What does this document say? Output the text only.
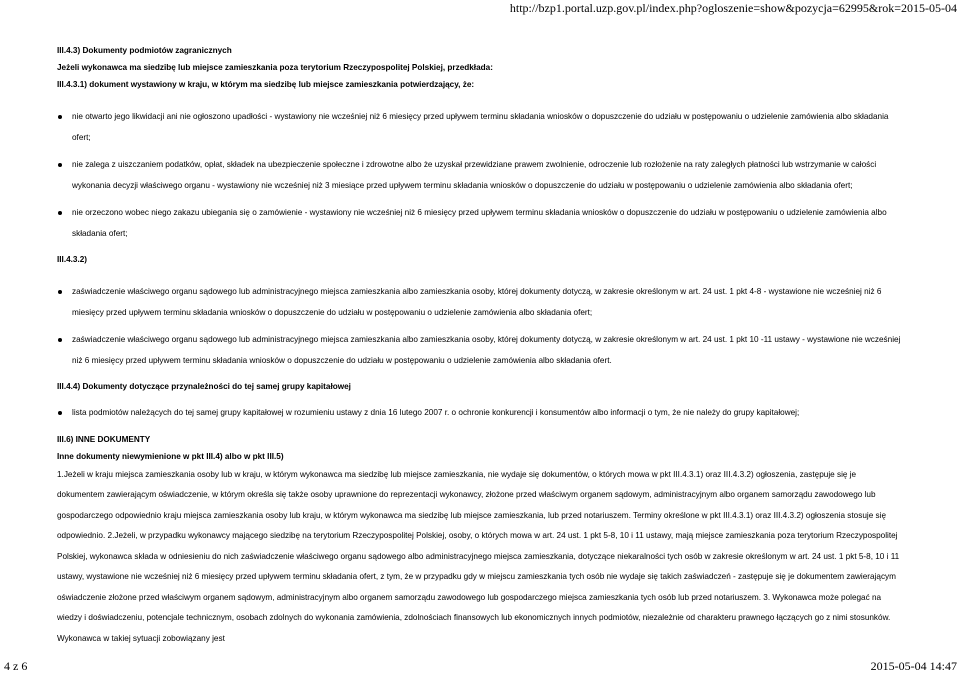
http://bzp1.portal.uzp.gov.pl/index.php?ogloszenie=show&pozycja=62995&rok=2015-05-04
III.4.3) Dokumenty podmiotów zagranicznych
Jeżeli wykonawca ma siedzibę lub miejsce zamieszkania poza terytorium Rzeczypospolitej Polskiej, przedkłada:
III.4.3.1) dokument wystawiony w kraju, w którym ma siedzibę lub miejsce zamieszkania potwierdzający, że:
nie otwarto jego likwidacji ani nie ogłoszono upadłości - wystawiony nie wcześniej niż 6 miesięcy przed upływem terminu składania wniosków o dopuszczenie do udziału w postępowaniu o udzielenie zamówienia albo składania ofert;
nie zalega z uiszczaniem podatków, opłat, składek na ubezpieczenie społeczne i zdrowotne albo że uzyskał przewidziane prawem zwolnienie, odroczenie lub rozłożenie na raty zaległych płatności lub wstrzymanie w całości wykonania decyzji właściwego organu - wystawiony nie wcześniej niż 3 miesiące przed upływem terminu składania wniosków o dopuszczenie do udziału w postępowaniu o udzielenie zamówienia albo składania ofert;
nie orzeczono wobec niego zakazu ubiegania się o zamówienie - wystawiony nie wcześniej niż 6 miesięcy przed upływem terminu składania wniosków o dopuszczenie do udziału w postępowaniu o udzielenie zamówienia albo składania ofert;
III.4.3.2)
zaświadczenie właściwego organu sądowego lub administracyjnego miejsca zamieszkania albo zamieszkania osoby, której dokumenty dotyczą, w zakresie określonym w art. 24 ust. 1 pkt 4-8 - wystawione nie wcześniej niż 6 miesięcy przed upływem terminu składania wniosków o dopuszczenie do udziału w postępowaniu o udzielenie zamówienia albo składania ofert;
zaświadczenie właściwego organu sądowego lub administracyjnego miejsca zamieszkania albo zamieszkania osoby, której dokumenty dotyczą, w zakresie określonym w art. 24 ust. 1 pkt 10 -11 ustawy - wystawione nie wcześniej niż 6 miesięcy przed upływem terminu składania wniosków o dopuszczenie do udziału w postępowaniu o udzielenie zamówienia albo składania ofert.
III.4.4) Dokumenty dotyczące przynależności do tej samej grupy kapitałowej
lista podmiotów należących do tej samej grupy kapitałowej w rozumieniu ustawy z dnia 16 lutego 2007 r. o ochronie konkurencji i konsumentów albo informacji o tym, że nie należy do grupy kapitałowej;
III.6) INNE DOKUMENTY
Inne dokumenty niewymienione w pkt III.4) albo w pkt III.5)
1.Jeżeli w kraju miejsca zamieszkania osoby lub w kraju, w którym wykonawca ma siedzibę lub miejsce zamieszkania, nie wydaje się dokumentów, o których mowa w pkt III.4.3.1) oraz III.4.3.2) ogłoszenia, zastępuje się je dokumentem zawierającym oświadczenie, w którym określa się także osoby uprawnione do reprezentacji wykonawcy, złożone przed właściwym organem sądowym, administracyjnym albo organem samorządu zawodowego lub gospodarczego odpowiednio kraju miejsca zamieszkania osoby lub kraju, w którym wykonawca ma siedzibę lub miejsce zamieszkania, lub przed notariuszem. Terminy określone w pkt III.4.3.1) oraz III.4.3.2) ogłoszenia stosuje się odpowiednio. 2.Jeżeli, w przypadku wykonawcy mającego siedzibę na terytorium Rzeczypospolitej Polskiej, osoby, o których mowa w art. 24 ust. 1 pkt 5-8, 10 i 11 ustawy, mają miejsce zamieszkania poza terytorium Rzeczypospolitej Polskiej, wykonawca składa w odniesieniu do nich zaświadczenie właściwego organu sądowego albo administracyjnego miejsca zamieszkania, dotyczące niekaralności tych osób w zakresie określonym w art. 24 ust. 1 pkt 5-8, 10 i 11 ustawy, wystawione nie wcześniej niż 6 miesięcy przed upływem terminu składania ofert, z tym, że w przypadku gdy w miejscu zamieszkania tych osób nie wydaje się takich zaświadczeń - zastępuje się je dokumentem zawierającym oświadczenie złożone przed właściwym organem sądowym, administracyjnym albo organem samorządu zawodowego lub gospodarczego miejsca zamieszkania tych osób lub przed notariuszem. 3. Wykonawca może polegać na wiedzy i doświadczeniu, potencjale technicznym, osobach zdolnych do wykonania zamówienia, zdolnościach finansowych lub ekonomicznych innych podmiotów, niezależnie od charakteru prawnego łączących go z nimi stosunków. Wykonawca w takiej sytuacji zobowiązany jest
4 z 6	2015-05-04 14:47
